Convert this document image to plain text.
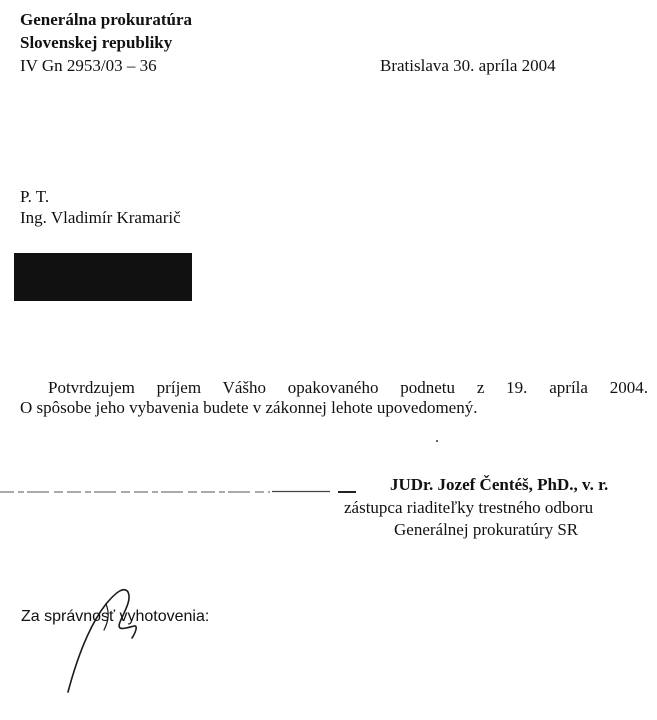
Generálna prokuratúra
Slovenskej republiky
IV Gn 2953/03 – 36	Bratislava 30. apríla 2004
P. T.
Ing. Vladimír Kramarič
Potvrdzujem príjem Vášho opakovaného podnetu z 19. apríla 2004.
O spôsobe jeho vybavenia budete v zákonnej lehote upovedomený.
JUDr. Jozef Čentéš, PhD., v. r.
zástupca riaditeľky trestného odboru
Generálnej prokuratúry SR
Za správnosť vyhotovenia:
